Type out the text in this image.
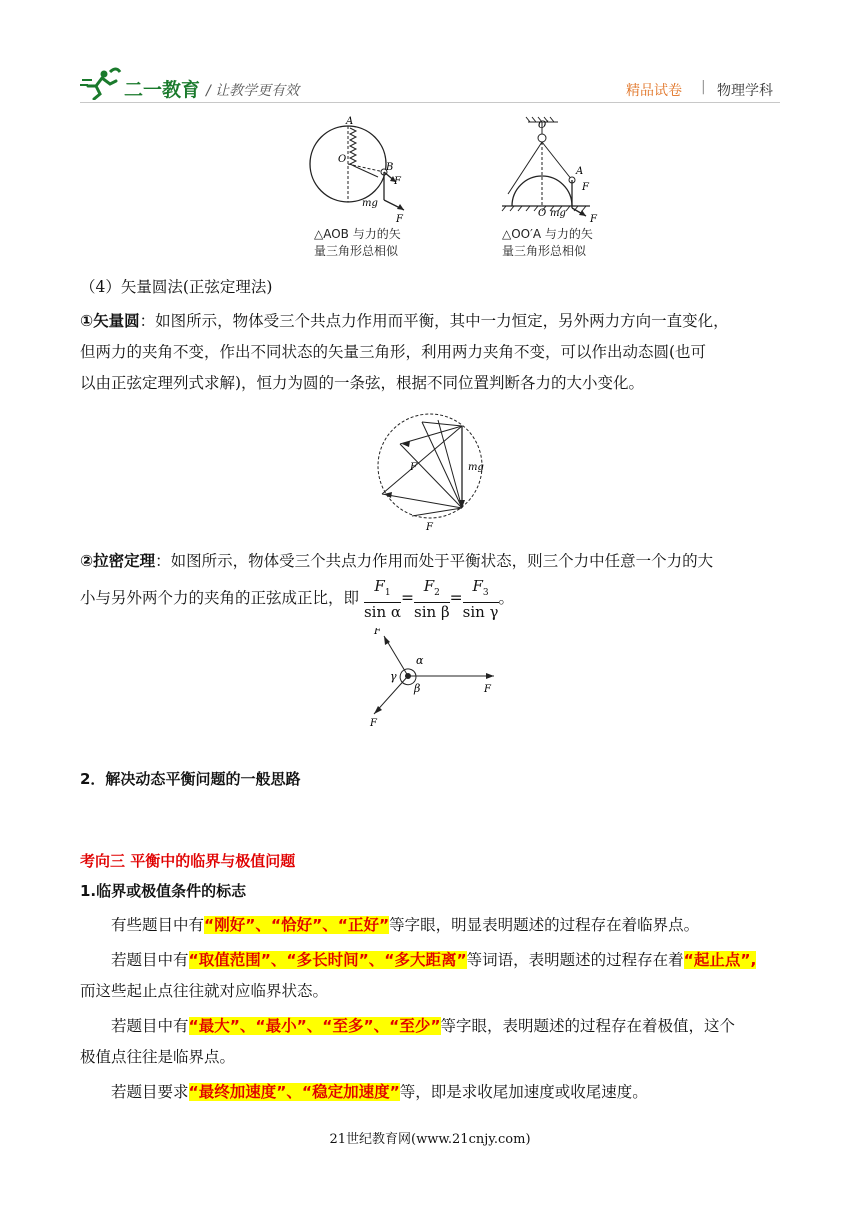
二一教育 / 让教学更有效	精品试卷 | 物理学科
A
O
B
F
mg
F
△AOB 与力的矢
量三角形总相似
O′
A
O
F
mg
F
△OO′A 与力的矢
量三角形总相似
（4）矢量圆法(正弦定理法)
①矢量圆：如图所示，物体受三个共点力作用而平衡，其中一力恒定，另外两力方向一直变化，
但两力的夹角不变，作出不同状态的矢量三角形，利用两力夹角不变，可以作出动态圆(也可
以由正弦定理列式求解)，恒力为圆的一条弦，根据不同位置判断各力的大小变化。
F	mg
F
②拉密定理：如图所示，物体受三个共点力作用而处于平衡状态，则三个力中任意一个力的大
小与另外两个力的夹角的正弦成正比，即 $\frac{F_1}{\text{sin α}} = \frac{F_2}{\text{sin β}} = \frac{F_3}{\text{sin γ}}$ 。
F
F
F
α
β
γ
2．解决动态平衡问题的一般思路
考向三 平衡中的临界与极值问题
1.临界或极值条件的标志
有些题目中有“刚好”、“恰好”、“正好”等字眼，明显表明题述的过程存在着临界点。
若题目中有“取值范围”、“多长时间”、“多大距离”等词语，表明题述的过程存在着“起止点”,
而这些起止点往往就对应临界状态。
若题目中有“最大”、“最小”、“至多”、“至少”等字眼，表明题述的过程存在着极值，这个
极值点往往是临界点。
若题目要求“最终加速度”、“稳定加速度”等，即是求收尾加速度或收尾速度。
21世纪教育网(www.21cnjy.com)
